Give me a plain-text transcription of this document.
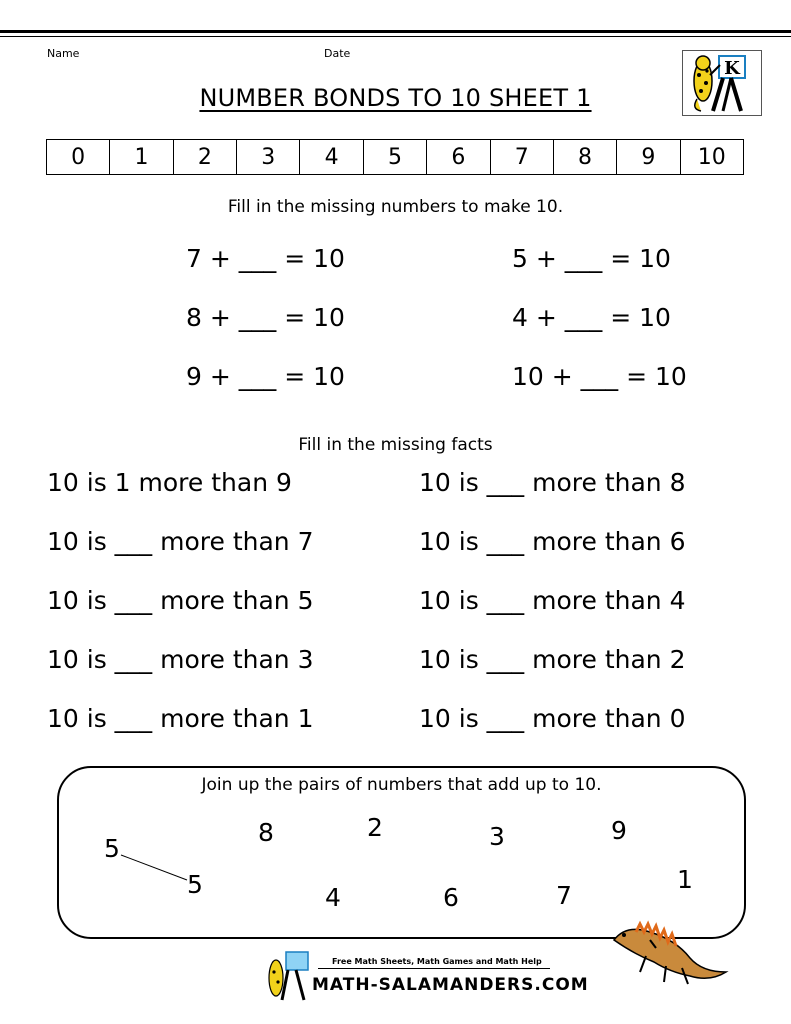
Name	Date
NUMBER BONDS TO 10 SHEET 1
K
0	1	2	3	4	5	6	7	8	9	10
Fill in the missing numbers to make 10.
7 + ___ = 10
8 + ___ = 10
9 + ___ = 10
5 + ___ = 10
4 + ___ = 10
10 + ___ = 10
Fill in the missing facts
10 is 1 more than 9
10 is ___ more than 7
10 is ___ more than 5
10 is ___ more than 3
10 is ___ more than 1
10 is ___ more than 8
10 is ___ more than 6
10 is ___ more than 4
10 is ___ more than 2
10 is ___ more than 0
Join up the pairs of numbers that add up to 10.
5
5
8
4
2
6
3
7
9
1
Free Math Sheets, Math Games and Math Help
MATH-SALAMANDERS.COM
